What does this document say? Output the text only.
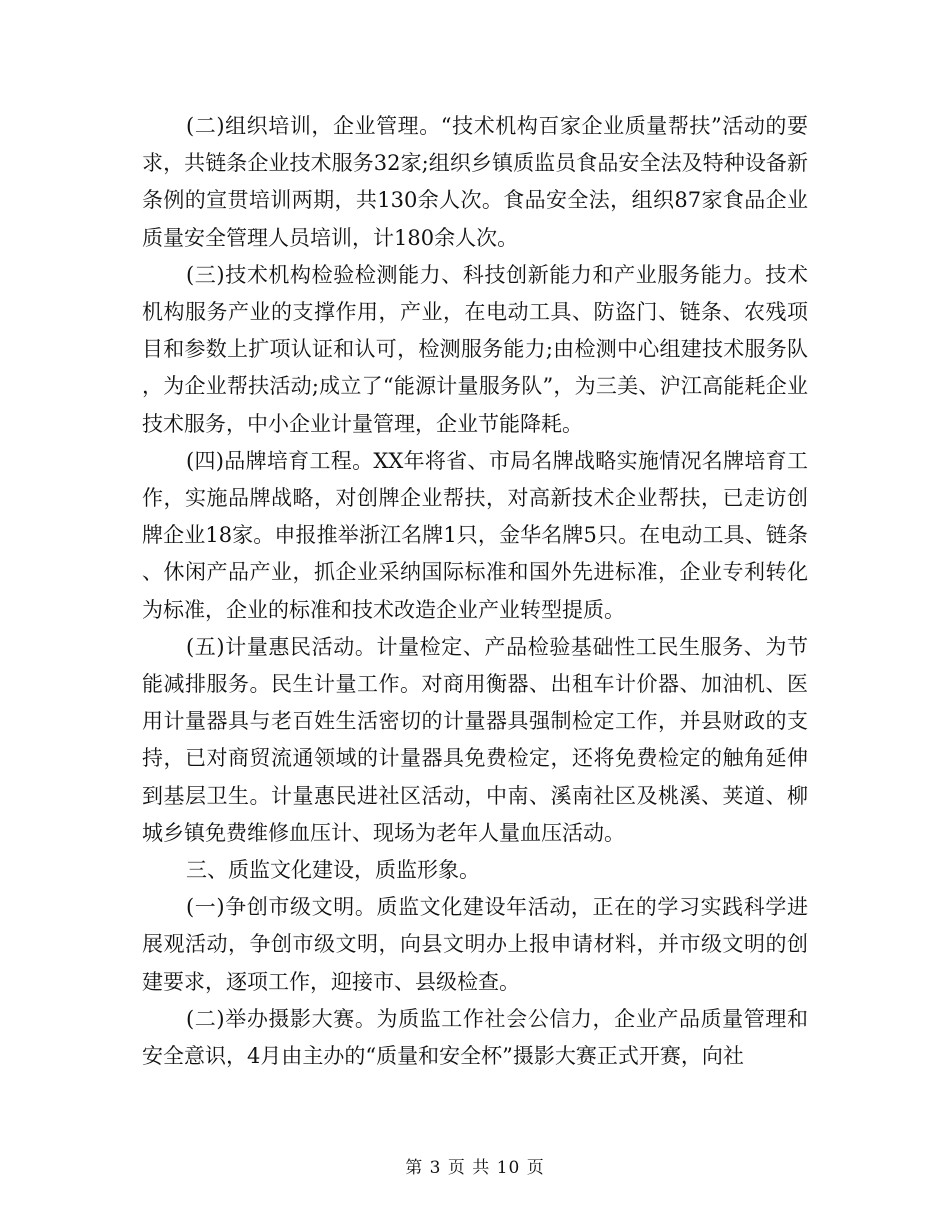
(二)组织培训，企业管理。“技术机构百家企业质量帮扶”活动的要求，共链条企业技术服务32家;组织乡镇质监员食品安全法及特种设备新条例的宣贯培训两期，共130余人次。食品安全法，组织87家食品企业质量安全管理人员培训，计180余人次。

(三)技术机构检验检测能力、科技创新能力和产业服务能力。技术机构服务产业的支撑作用，产业，在电动工具、防盗门、链条、农残项目和参数上扩项认证和认可，检测服务能力;由检测中心组建技术服务队，为企业帮扶活动;成立了“能源计量服务队”，为三美、沪江高能耗企业技术服务，中小企业计量管理，企业节能降耗。

(四)品牌培育工程。XX年将省、市局名牌战略实施情况名牌培育工作，实施品牌战略，对创牌企业帮扶，对高新技术企业帮扶，已走访创牌企业18家。申报推举浙江名牌1只，金华名牌5只。在电动工具、链条、休闲产品产业，抓企业采纳国际标准和国外先进标准，企业专利转化为标准，企业的标准和技术改造企业产业转型提质。

(五)计量惠民活动。计量检定、产品检验基础性工民生服务、为节能减排服务。民生计量工作。对商用衡器、出租车计价器、加油机、医用计量器具与老百姓生活密切的计量器具强制检定工作，并县财政的支持，已对商贸流通领域的计量器具免费检定，还将免费检定的触角延伸到基层卫生。计量惠民进社区活动，中南、溪南社区及桃溪、荚道、柳城乡镇免费维修血压计、现场为老年人量血压活动。

三、质监文化建设，质监形象。

(一)争创市级文明。质监文化建设年活动，正在的学习实践科学进展观活动，争创市级文明，向县文明办上报申请材料，并市级文明的创建要求，逐项工作，迎接市、县级检查。

(二)举办摄影大赛。为质监工作社会公信力，企业产品质量管理和安全意识，4月由主办的“质量和安全杯”摄影大赛正式开赛，向社

第 3 页 共 10 页
